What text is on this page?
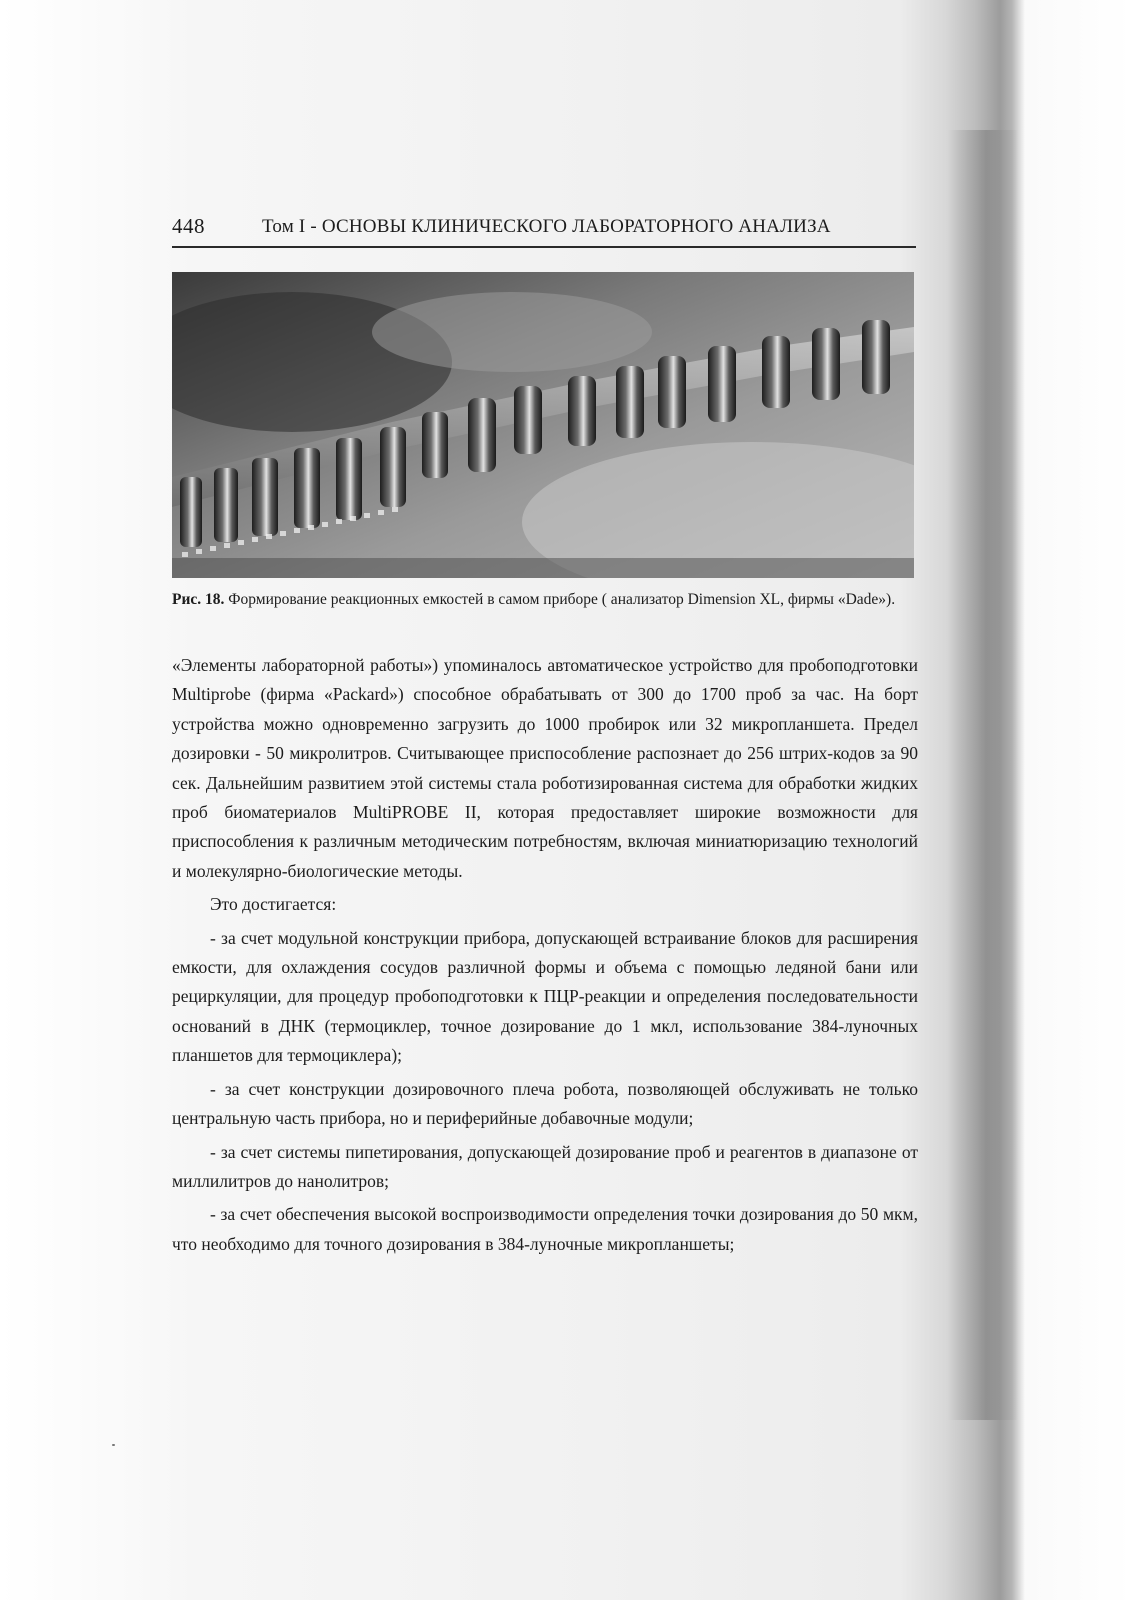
448	Том I - ОСНОВЫ КЛИНИЧЕСКОГО ЛАБОРАТОРНОГО АНАЛИЗА
Рис. 18. Формирование реакционных емкостей в самом приборе ( анализатор Dimension XL, фирмы «Dade»).

«Элементы лабораторной работы») упоминалось автоматическое устройство для пробоподготовки Multiprobe (фирма «Packard») способное обрабатывать от 300 до 1700 проб за час. На борт устройства можно одновременно загрузить до 1000 пробирок или 32 микропланшета. Предел дозировки - 50 микролитров. Считывающее приспособление распознает до 256 штрих-кодов за 90 сек. Дальнейшим развитием этой системы стала роботизированная система для обработки жидких проб биоматериалов MultiPROBE II, которая предоставляет широкие возможности для приспособления к различным методическим потребностям, включая миниатюризацию технологий и молекулярно-биологические методы.

Это достигается:

- за счет модульной конструкции прибора, допускающей встраивание блоков для расширения емкости, для охлаждения сосудов различной формы и объема с помощью ледяной бани или рециркуляции, для процедур пробоподготовки к ПЦР-реакции и определения последовательности оснований в ДНК (термоциклер, точное дозирование до 1 мкл, использование 384-луночных планшетов для термоциклера);

- за счет конструкции дозировочного плеча робота, позволяющей обслуживать не только центральную часть прибора, но и периферийные добавочные модули;

- за счет системы пипетирования, допускающей дозирование проб и реагентов в диапазоне от миллилитров до нанолитров;

- за счет обеспечения высокой воспроизводимости определения точки дозирования до 50 мкм, что необходимо для точного дозирования в 384-луночные микропланшеты;
